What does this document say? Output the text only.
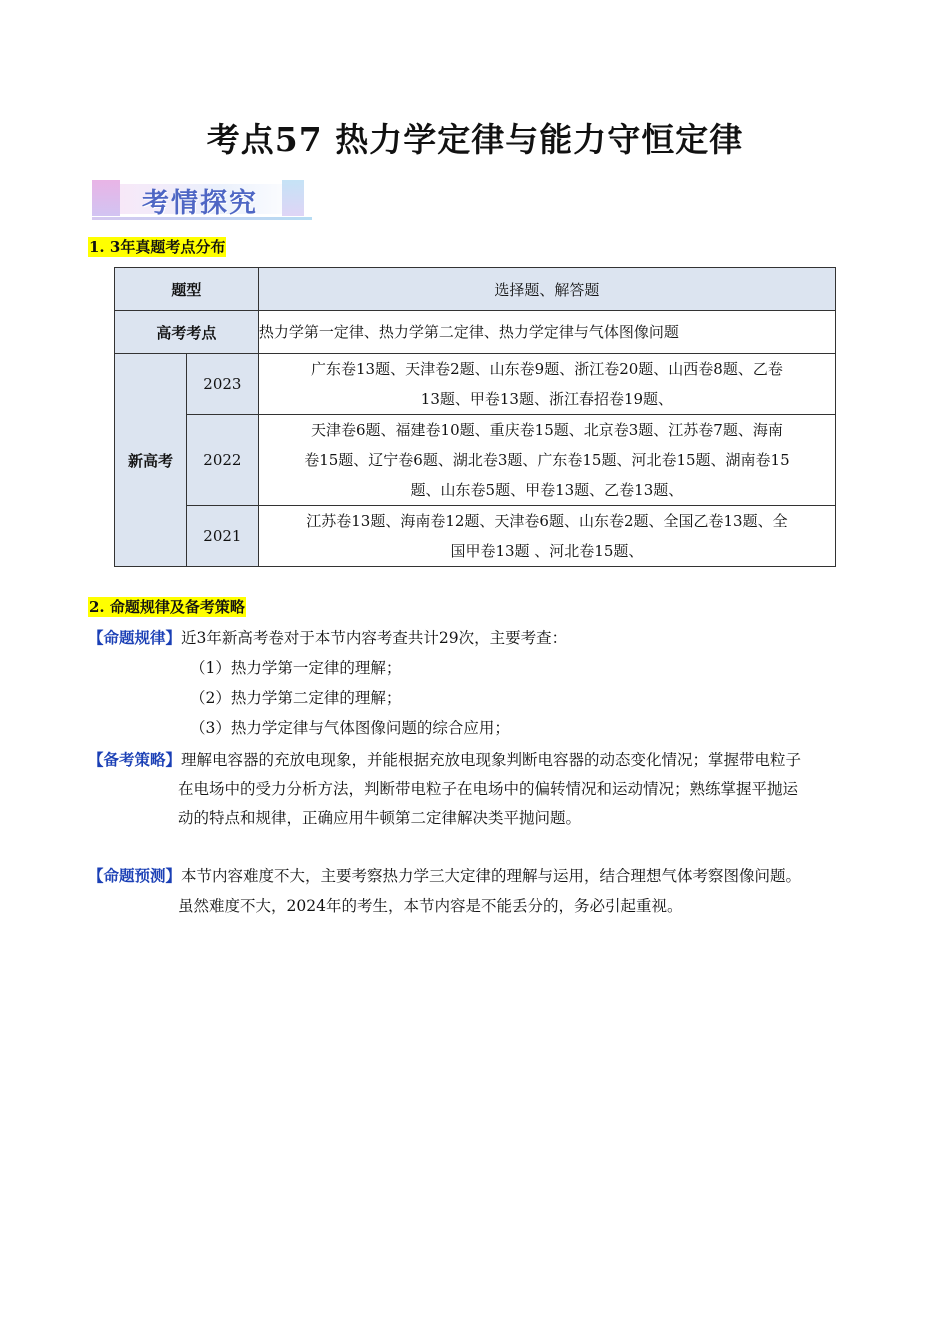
考点57 热力学定律与能力守恒定律
考情探究
1. 3年真题考点分布
题型		选择题、解答题
高考考点		热力学第一定律、热力学第二定律、热力学定律与气体图像问题
新高考	2023	广东卷13题、天津卷2题、山东卷9题、浙江卷20题、山西卷8题、乙卷
13题、甲卷13题、浙江春招卷19题、

	2022	天津卷6题、福建卷10题、重庆卷15题、北京卷3题、江苏卷7题、海南
卷15题、辽宁卷6题、湖北卷3题、广东卷15题、河北卷15题、湖南卷15
题、山东卷5题、甲卷13题、乙卷13题、

	2021	江苏卷13题、海南卷12题、天津卷6题、山东卷2题、全国乙卷13题、全
国甲卷13题 、河北卷15题、
2. 命题规律及备考策略
【命题规律】近3年新高考卷对于本节内容考查共计29次，主要考查：
（1）热力学第一定律的理解；
（2）热力学第二定律的理解；
（3）热力学定律与气体图像问题的综合应用；
【备考策略】理解电容器的充放电现象，并能根据充放电现象判断电容器的动态变化情况；掌握带电粒子
在电场中的受力分析方法，判断带电粒子在电场中的偏转情况和运动情况；熟练掌握平抛运
动的特点和规律，正确应用牛顿第二定律解决类平抛问题。
【命题预测】本节内容难度不大，主要考察热力学三大定律的理解与运用，结合理想气体考察图像问题。
虽然难度不大，2024年的考生，本节内容是不能丢分的，务必引起重视。
